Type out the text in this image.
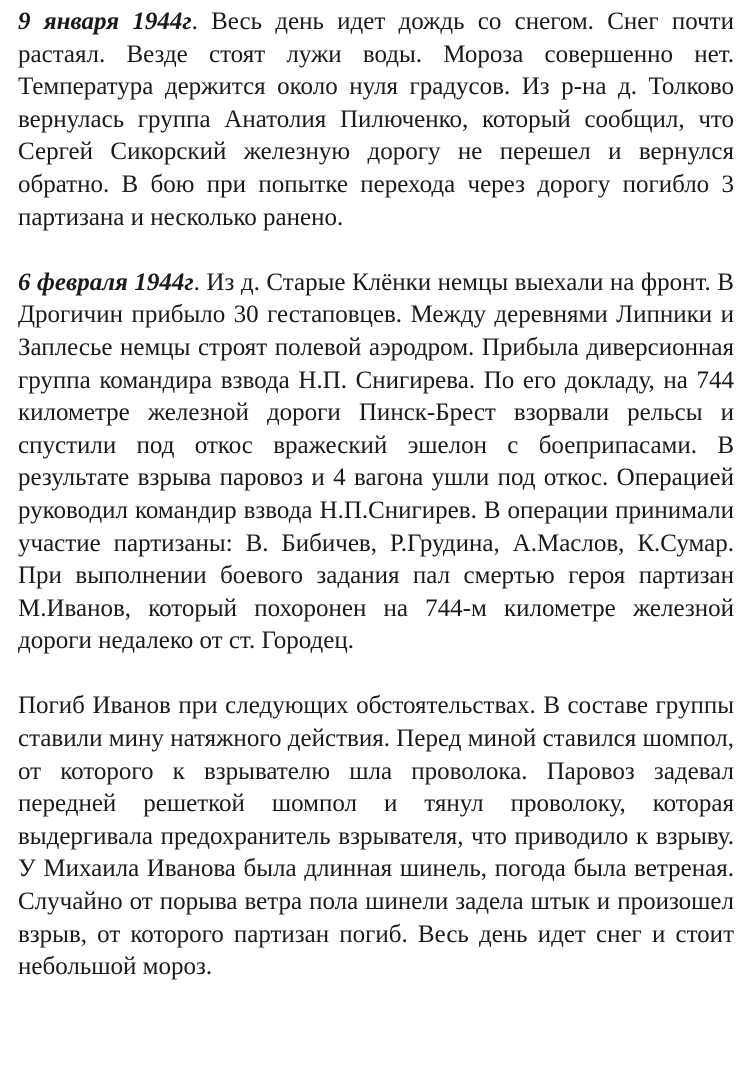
9 января 1944г. Весь день идет дождь со снегом. Снег почти растаял. Везде стоят лужи воды. Мороза совершенно нет. Температура держится около нуля градусов. Из р-на д. Толково вернулась группа Анатолия Пилюченко, который сообщил, что Сергей Сикорский железную дорогу не перешел и вернулся обратно. В бою при попытке перехода через дорогу погибло 3 партизана и несколько ранено.

6 февраля 1944г. Из д. Старые Клёнки немцы выехали на фронт. В Дрогичин прибыло 30 гестаповцев. Между деревнями Липники и Заплесье немцы строят полевой аэродром. Прибыла диверсионная группа командира взвода Н.П. Снигирева. По его докладу, на 744 километре железной дороги Пинск-Брест взорвали рельсы и спустили под откос вражеский эшелон с боеприпасами. В результате взрыва паровоз и 4 вагона ушли под откос. Операцией руководил командир взвода Н.П.Снигирев. В операции принимали участие партизаны: В. Бибичев, Р.Грудина, А.Маслов, К.Сумар. При выполнении боевого задания пал смертью героя партизан М.Иванов, который похоронен на 744-м километре железной дороги недалеко от ст. Городец.

Погиб Иванов при следующих обстоятельствах. В составе группы ставили мину натяжного действия. Перед миной ставился шомпол, от которого к взрывателю шла проволока. Паровоз задевал передней решеткой шомпол и тянул проволоку, которая выдергивала предохранитель взрывателя, что приводило к взрыву. У Михаила Иванова была длинная шинель, погода была ветреная. Случайно от порыва ветра пола шинели задела штык и произошел взрыв, от которого партизан погиб. Весь день идет снег и стоит небольшой мороз.
